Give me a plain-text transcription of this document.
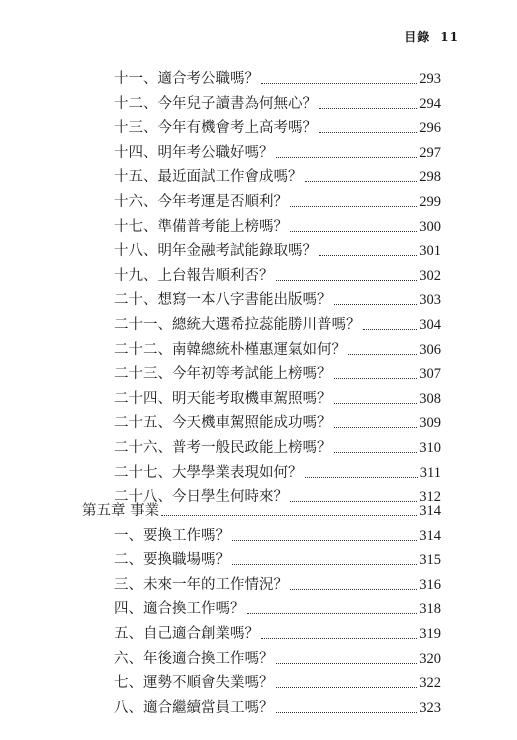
目錄 11
十一、適合考公職嗎？	293
十二、今年兒子讀書為何無心？	294
十三、今年有機會考上高考嗎？	296
十四、明年考公職好嗎？	297
十五、最近面試工作會成嗎？	298
十六、今年考運是否順利？	299
十七、準備普考能上榜嗎？	300
十八、明年金融考試能錄取嗎？	301
十九、上台報告順利否？	302
二十、想寫一本八字書能出版嗎？	303
二十一、總統大選希拉蕊能勝川普嗎？	304
二十二、南韓總統朴槿惠運氣如何？	306
二十三、今年初等考試能上榜嗎？	307
二十四、明天能考取機車駕照嗎？	308
二十五、今天機車駕照能成功嗎？	309
二十六、普考一般民政能上榜嗎？	310
二十七、大學學業表現如何？	311
二十八、今日學生何時來？	312
第五章 事業	314
一、要換工作嗎？	314
二、要換職場嗎？	315
三、未來一年的工作情況？	316
四、適合換工作嗎？	318
五、自己適合創業嗎？	319
六、年後適合換工作嗎？	320
七、運勢不順會失業嗎？	322
八、適合繼續當員工嗎？	323
